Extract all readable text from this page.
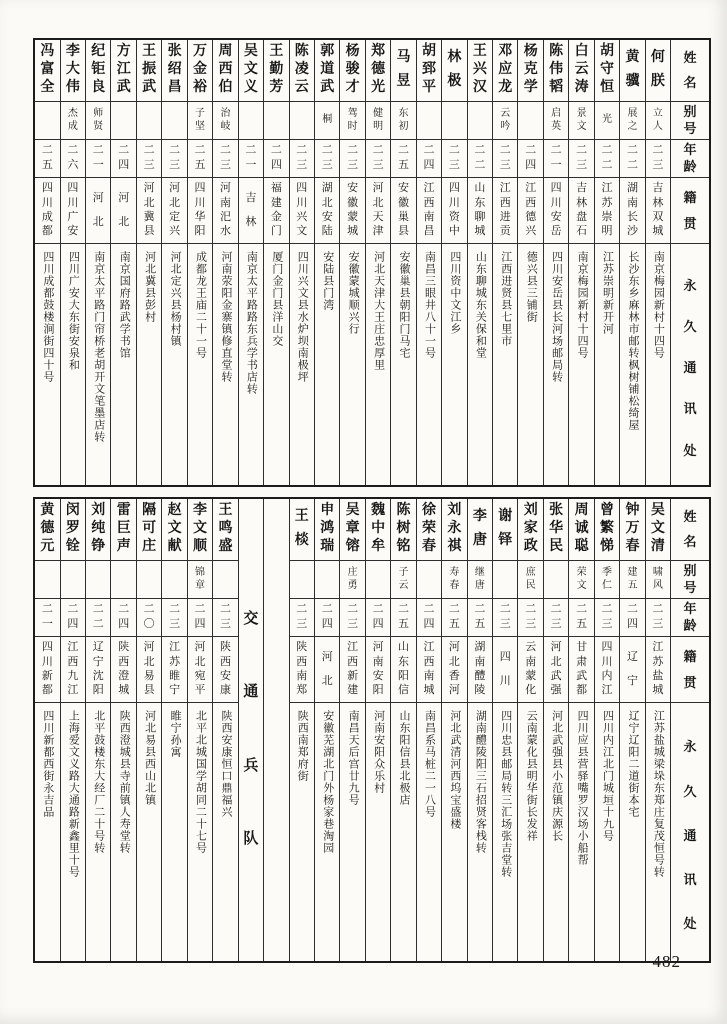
姓
名
别
号
年
龄
籍
贯
永
久
通
讯
处
何
朕
立
人
二
三
吉
林
双
城
南京梅园新村十四号
黄
骥
展
之
二
二
湖
南
长
沙
长沙东乡麻林市邮转枫树铺松绮屋
胡
守
恒
光
二
二
江
苏
崇
明
江苏崇明新开河
白
云
涛
景
文
二
三
吉
林
盘
石
南京梅园新村十四号
陈
伟
韬
启
英
二
一
四
川
安
岳
四川安岳县长河场邮局转
杨
克
学
二
四
江
西
德
兴
德兴县三铺街
邓
应
龙
云
吟
二
三
江
西
进
贡
江西进贤县七里市
王
兴
汉
二
二
山
东
聊
城
山东聊城东关保和堂
林
极
二
三
四
川
资
中
四川资中文江乡
胡
郅
平
二
四
江
西
南
昌
南昌三眼井八十一号
马
昱
东
初
二
五
安
徽
巢
县
安徽巢县朝阳门马宅
郑
德
光
健
明
二
三
河
北
天
津
河北天津大王庄忠厚里
杨
骏
才
驾
时
二
三
安
徽
蒙
城
安徽蒙城顺兴行
郭
道
武
桐
二
三
湖
北
安
陆
安陆县门湾
陈
凌
云
二
三
四
川
兴
文
四川兴文县水炉坝南极坪
王
勤
芳
二
四
福
建
金
门
厦门金门县洋山交
吴
文
义
二
一
吉
林
南京太平路路东兵学书店转
周
西
伯
治
岐
二
三
河
南
汜
水
河南荥阳金寨镇修直堂转
万
金
裕
子
坚
二
五
四
川
华
阳
成都龙王庙二十一号
张
绍
昌
二
三
河
北
定
兴
河北定兴县杨村镇
王
振
武
二
三
河
北
冀
县
河北冀县彭村
方
江
武
二
四
河
北
南京国府路武学书馆
纪
钜
良
师
贤
二
一
河
北
南京太平路门帘桥老胡开文笔墨店转
李
大
伟
杰
成
二
六
四
川
广
安
四川广安大东街安泉和
冯
富
全
二
五
四
川
成
都
四川成都鼓楼涧街四十号
姓
名
别
号
年
龄
籍
贯
永
久
通
讯
处
吴
文
清
啸
风
二
三
江
苏
盐
城
江苏盐城梁垛东郑庄复茂恒号转
钟
万
春
建
五
二
四
辽
宁
辽宁辽阳二道街本宅
曾
繁
悌
季
仁
二
三
四
川
内
江
四川内江北门城垣十九号
周
诚
聪
荣
文
二
五
甘
肃
武
都
四川应县营驿嘴罗汉场小船帮
张
华
民
二
三
河
北
武
强
河北武强县小范镇庆源长
刘
家
政
庶
民
二
三
云
南
蒙
化
云南蒙化县明华街长发祥
谢
铎
二
三
四
川
四川忠县邮局转三汇场张吉堂转
李
唐
继
唐
二
五
湖
南
醴
陵
湖南醴陵阳三石招贤客栈转
刘
永
祺
寿
春
二
五
河
北
香
河
河北武清河西坞宝盛楼
徐
荣
春
二
四
江
西
南
城
南昌系马桩二一八号
陈
树
铭
子
云
二
五
山
东
阳
信
山东阳信县北极店
魏
中
牟
二
四
河
南
安
阳
河南安阳众乐村
吴
章
镕
庄
勇
二
三
江
西
新
建
南昌天后宫廿九号
申
鸿
瑞
二
四
河
北
安徽芜湖北门外杨家巷淘园
王
棪
二
三
陕
西
南
郑
陕西南郑府街
交
通
兵
队
王
鸣
盛
二
三
陕
西
安
康
陕西安康恒口鼎福兴
李
文
顺
锦
章
二
四
河
北
宛
平
北平北城国学胡同二十七号
赵
文
献
二
三
江
苏
睢
宁
睢宁孙寓
隔
可
庄
二
〇
河
北
易
县
河北易县西山北镇
雷
巨
声
二
四
陕
西
澄
城
陕西澄城县寺前镇人寿堂转
刘
纯
铮
二
二
辽
宁
沈
阳
北平鼓楼东大经厂二十号转
闵
罗
铨
二
四
江
西
九
江
上海爱文义路大通路新鑫里十号
黄
德
元
二
一
四
川
新
都
四川新都西街永吉品
482
